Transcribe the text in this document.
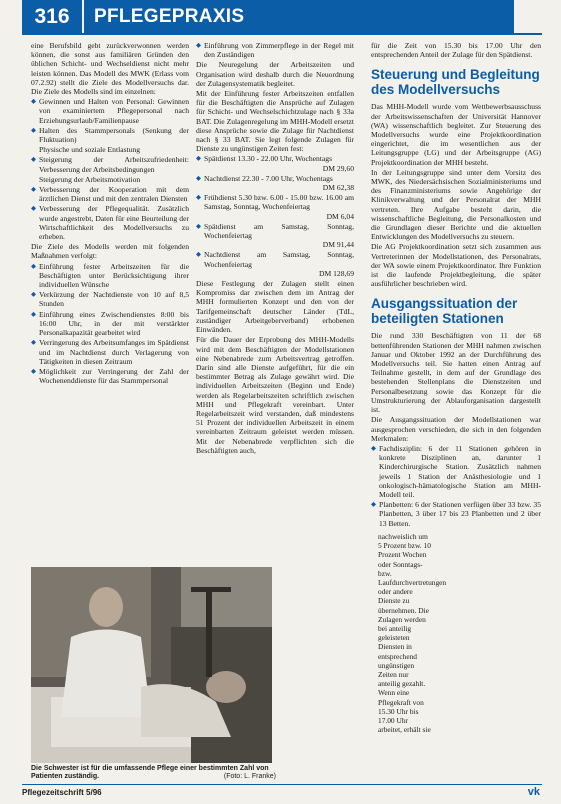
316	PFLEGEPRAXIS

eine Berufsbild gebt zurückverwonnen werden können, die sonst aus familiären Gründen den üblichen Schicht- und Wechseldienst nicht mehr leisten können. Das Modell des MWK (Erlass vom 07.2.92) stellt die Ziele des Modellversuchs dar. Die Ziele des Modells sind im einzelnen:

◆ Gewinnen und Halten von Personal: Gewinnen von examiniertem Pflegepersonal nach Erziehungsurlaub/Familienpause
◆ Halten des Stammpersonals (Senkung der Fluktuation)

Physische und soziale Entlastung

◆ Steigerung der Arbeitszufriedenheit: Verbesserung der Arbeitsbedingungen

Steigerung der Arbeitsmotivation

◆ Verbesserung der Kooperation mit dem ärztlichen Dienst und mit den zentralen Diensten
◆ Verbesserung der Pflegequalität. Zusätzlich wurde angestrebt, Daten für eine Beurteilung der Wirtschaftlichkeit des Modellversuchs zu erheben.

Die Ziele des Modells werden mit folgenden Maßnahmen verfolgt:

◆ Einführung fester Arbeitszeiten für die Beschäftigten unter Berücksichtigung ihrer individuellen Wünsche
◆ Verkürzung der Nachtdienste von 10 auf 8,5 Stunden
◆ Einführung eines Zwischendienstes 8:00 bis 16:00 Uhr, in der mit verstärkter Personalkapazität gearbeitet wird
◆ Verringerung des Arbeitsumfanges im Spätdienst und im Nachtdienst durch Verlagerung von Tätigkeiten in diesen Zeitraum
◆ Möglichkeit zur Verringerung der Zahl der Wochenenddienste für das Stammpersonal
◆ Einführung von Zimmerpflege in der Regel mit den Zuständigen

Die Neuregelung der Arbeitszeiten und Organisation wird deshalb durch die Neuordnung der Zulagensystematik begleitet.

Mit der Einführung fester Arbeitszeiten entfallen für die Beschäftigten die Ansprüche auf Zulagen für Schicht- und Wechselschichtzulage nach § 33a BAT. Die Zulagenregelung im MHH-Modell ersetzt diese Ansprüche sowie die Zulage für Nachtdienst nach § 33 BAT. Sie legt folgende Zulagen für Dienste zu ungünstigen Zeiten fest:

◆ Spätdienst 13.30 - 22.00 Uhr, Wochentags
DM 29,60
◆ Nachtdienst 22.30 - 7.00 Uhr, Wochentags
DM 62,38
◆ Frühdienst 5.30 bzw. 6.00 - 15.00 bzw. 16.00 am Samstag, Sonntag, Wochenfeiertag
DM 6,04
◆ Spätdienst am Samstag, Sonntag, Wochenfeiertag
DM 91,44
◆ Nachtdienst am Samstag, Sonntag, Wochenfeiertag
DM 128,69

Diese Festlegung der Zulagen stellt einen Kompromiss dar zwischen dem im Antrag der MHH formulierten Konzept und den von der Tarifgemeinschaft deutscher Länder (TdL, zuständiger Arbeitgeberverband) erhobenen Einwänden.

Für die Dauer der Erprobung des MHH-Modells wird mit dem Beschäftigten der Modellstationen eine Nebenabrede zum Arbeitsvertrag getroffen. Darin sind alle Dienste aufgeführt, für die ein bestimmter Betrag als Zulage gewährt wird. Die individuellen Arbeitszeiten (Beginn und Ende) werden als Regelarbeitszeiten schriftlich zwischen MHH und Pflegekraft vereinbart. Unter Regelarbeitszeit wird verstanden, daß mindestens 51 Prozent der individuellen Arbeitszeit in einem vereinbarten Zeitraum geleistet werden müssen. Mit der Nebenabrede verpflichten sich die Beschäftigten auch,

nachweislich um 5 Prozent bzw. 10 Prozent Wochen oder Sonntags- bzw. Laufdurchvertretungen oder andere Dienste zu übernehmen. Die Zulagen werden bei anteilig geleisteten Diensten in entsprechend ungünstigen Zeiten nur anteilig gezahlt. Wenn eine Pflegekraft von 15.30 Uhr bis 17.00 Uhr arbeitet, erhält sie

für die Zeit von 15.30 bis 17.00 Uhr den entsprechenden Anteil der Zulage für den Spätdienst.

Steuerung und Begleitung des Modellversuchs

Das MHH-Modell wurde vom Wettbewerbsausschuss der Arbeitswissenschaften der Universität Hannover (WA) wissenschaftlich begleitet. Zur Steuerung des Modellversuchs wurde eine Projektkoordination eingerichtet, die im wesentlichen aus der Leitungsgruppe (LG) und der Arbeitsgruppe (AG) Projektkoordination der MHH besteht.

In der Leitungsgruppe sind unter dem Vorsitz des MWK, des Niedersächsischen Sozialministeriums und des Finanzministeriums sowie Angehörige der Klinikverwaltung und der Personalrat der MHH vertreten. Ihre Aufgabe besteht darin, die wissenschaftliche Begleitung, die Personalkosten und die Grundlagen dieser Berichte und die aktuellen Entwicklungen des Modellversuchs zu steuern.

Die AG Projektkoordination setzt sich zusammen aus Vertreterinnen der Modellstationen, des Personalrats, der WA sowie einem Projektkoordinator. Ihre Funktion ist die laufende Projektbegleitung, die später ausführlicher beschrieben wird.

Ausgangssituation der beteiligten Stationen

Die rund 330 Beschäftigten von 11 der 68 bettenführenden Stationen der MHH nahmen zwischen Januar und Oktober 1992 an der Durchführung des Modellversuchs teil. Sie hatten einen Antrag auf Teilnahme gestellt, in dem auf der Grundlage des bestehenden Stellenplans die Dienstzeiten und Personalbesetzung sowie das Konzept für die Umstrukturierung der Ablauforganisation dargestellt ist.

Die Ausgangssituation der Modellstationen war ausgesprochen verschieden, die sich in den folgenden Merkmalen:

◆ Fachdisziplin: 6 der 11 Stationen gehören in konkrete Disziplinen an, darunter 1 Kinderchirurgische Station. Zusätzlich nahmen jeweils 1 Station der Anästhesiologie und 1 onkologisch-hämatologische Station am MHH-Modell teil.
◆ Planbetten: 6 der Stationen verfügen über 33 bzw. 35 Planbetten, 3 über 17 bis 23 Planbetten und 2 über 13 Betten.
Die Schwester ist für die umfassende Pflege einer bestimmten Zahl von Patienten zuständig.	(Foto: L. Franke)
Pflegezeitschrift 5/96	vk
